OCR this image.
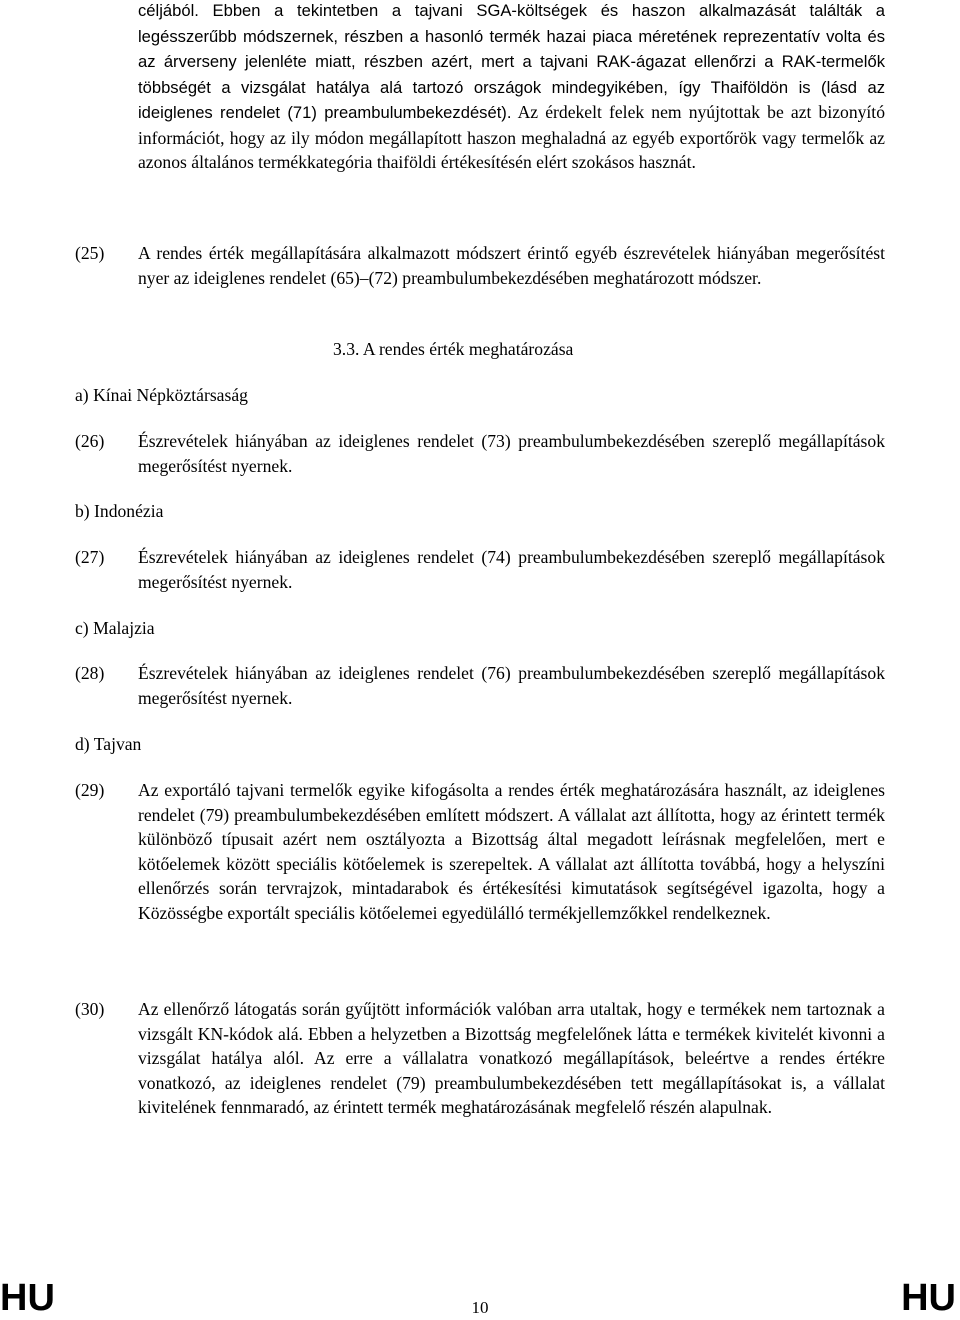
céljából. Ebben a tekintetben a tajvani SGA-költségek és haszon alkalmazását találták a legésszerűbb módszernek, részben a hasonló termék hazai piaca méretének reprezentatív volta és az árverseny jelenléte miatt, részben azért, mert a tajvani RAK-ágazat ellenőrzi a RAK-termelők többségét a vizsgálat hatálya alá tartozó országok mindegyikében, így Thaiföldön is (lásd az ideiglenes rendelet (71) preambulumbekezdését). Az érdekelt felek nem nyújtottak be azt bizonyító információt, hogy az ily módon megállapított haszon meghaladná az egyéb exportőrök vagy termelők az azonos általános termékkategória thaiföldi értékesítésén elért szokásos hasznát.

(25) A rendes érték megállapítására alkalmazott módszert érintő egyéb észrevételek hiányában megerősítést nyer az ideiglenes rendelet (65)–(72) preambulumbekezdésében meghatározott módszer.
3.3. A rendes érték meghatározása
a) Kínai Népköztársaság
(26) Észrevételek hiányában az ideiglenes rendelet (73) preambulumbekezdésében szereplő megállapítások megerősítést nyernek.
b) Indonézia
(27) Észrevételek hiányában az ideiglenes rendelet (74) preambulumbekezdésében szereplő megállapítások megerősítést nyernek.
c) Malajzia
(28) Észrevételek hiányában az ideiglenes rendelet (76) preambulumbekezdésében szereplő megállapítások megerősítést nyernek.
d) Tajvan
(29) Az exportáló tajvani termelők egyike kifogásolta a rendes érték meghatározására használt, az ideiglenes rendelet (79) preambulumbekezdésében említett módszert. A vállalat azt állította, hogy az érintett termék különböző típusait azért nem osztályozta a Bizottság által megadott leírásnak megfelelően, mert e kötőelemek között speciális kötőelemek is szerepeltek. A vállalat azt állította továbbá, hogy a helyszíni ellenőrzés során tervrajzok, mintadarabok és értékesítési kimutatások segítségével igazolta, hogy a Közösségbe exportált speciális kötőelemei egyedülálló termékjellemzőkkel rendelkeznek.
(30) Az ellenőrző látogatás során gyűjtött információk valóban arra utaltak, hogy e termékek nem tartoznak a vizsgált KN-kódok alá. Ebben a helyzetben a Bizottság megfelelőnek látta e termékek kivitelét kivonni a vizsgálat hatálya alól. Az erre a vállalatra vonatkozó megállapítások, beleértve a rendes értékre vonatkozó, az ideiglenes rendelet (79) preambulumbekezdésében tett megállapításokat is, a vállalat kivitelének fennmaradó, az érintett termék meghatározásának megfelelő részén alapulnak.
HU	10	HU
